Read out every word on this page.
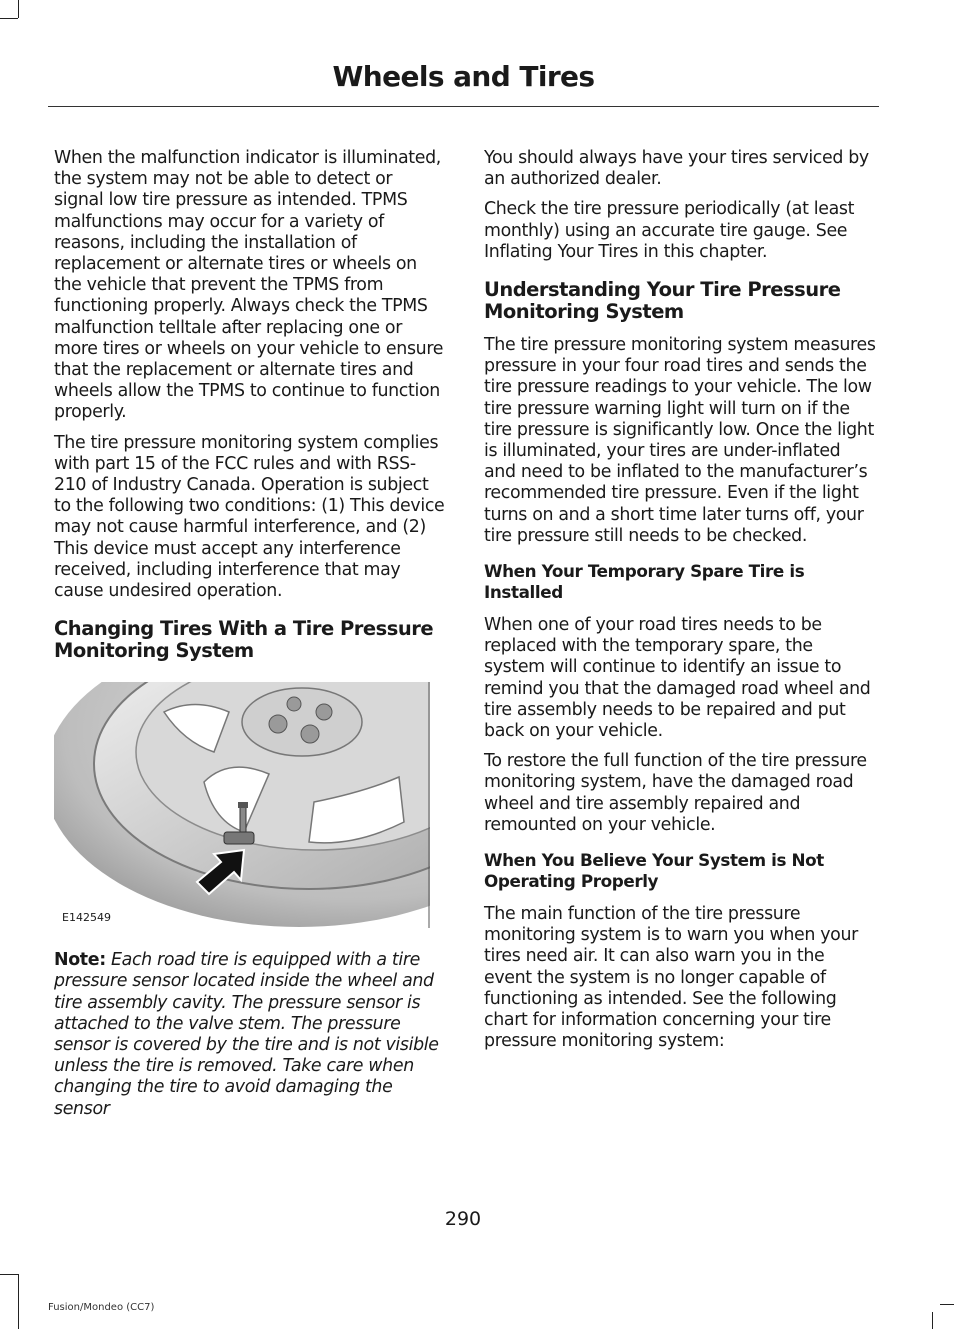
Wheels and Tires

When the malfunction indicator is illuminated, the system may not be able to detect or signal low tire pressure as intended. TPMS malfunctions may occur for a variety of reasons, including the installation of replacement or alternate tires or wheels on the vehicle that prevent the TPMS from functioning properly. Always check the TPMS malfunction telltale after replacing one or more tires or wheels on your vehicle to ensure that the replacement or alternate tires and wheels allow the TPMS to continue to function properly.

The tire pressure monitoring system complies with part 15 of the FCC rules and with RSS-210 of Industry Canada. Operation is subject to the following two conditions: (1) This device may not cause harmful interference, and (2) This device must accept any interference received, including interference that may cause undesired operation.

Changing Tires With a Tire Pressure Monitoring System
E142549

Note: Each road tire is equipped with a tire pressure sensor located inside the wheel and tire assembly cavity. The pressure sensor is attached to the valve stem. The pressure sensor is covered by the tire and is not visible unless the tire is removed. Take care when changing the tire to avoid damaging the sensor

You should always have your tires serviced by an authorized dealer.

Check the tire pressure periodically (at least monthly) using an accurate tire gauge. See Inflating Your Tires in this chapter.

Understanding Your Tire Pressure Monitoring System

The tire pressure monitoring system measures pressure in your four road tires and sends the tire pressure readings to your vehicle. The low tire pressure warning light will turn on if the tire pressure is significantly low. Once the light is illuminated, your tires are under-inflated and need to be inflated to the manufacturer’s recommended tire pressure. Even if the light turns on and a short time later turns off, your tire pressure still needs to be checked.

When Your Temporary Spare Tire is Installed

When one of your road tires needs to be replaced with the temporary spare, the system will continue to identify an issue to remind you that the damaged road wheel and tire assembly needs to be repaired and put back on your vehicle.

To restore the full function of the tire pressure monitoring system, have the damaged road wheel and tire assembly repaired and remounted on your vehicle.

When You Believe Your System is Not Operating Properly

The main function of the tire pressure monitoring system is to warn you when your tires need air. It can also warn you in the event the system is no longer capable of functioning as intended. See the following chart for information concerning your tire pressure monitoring system:

290
Fusion/Mondeo (CC7)
